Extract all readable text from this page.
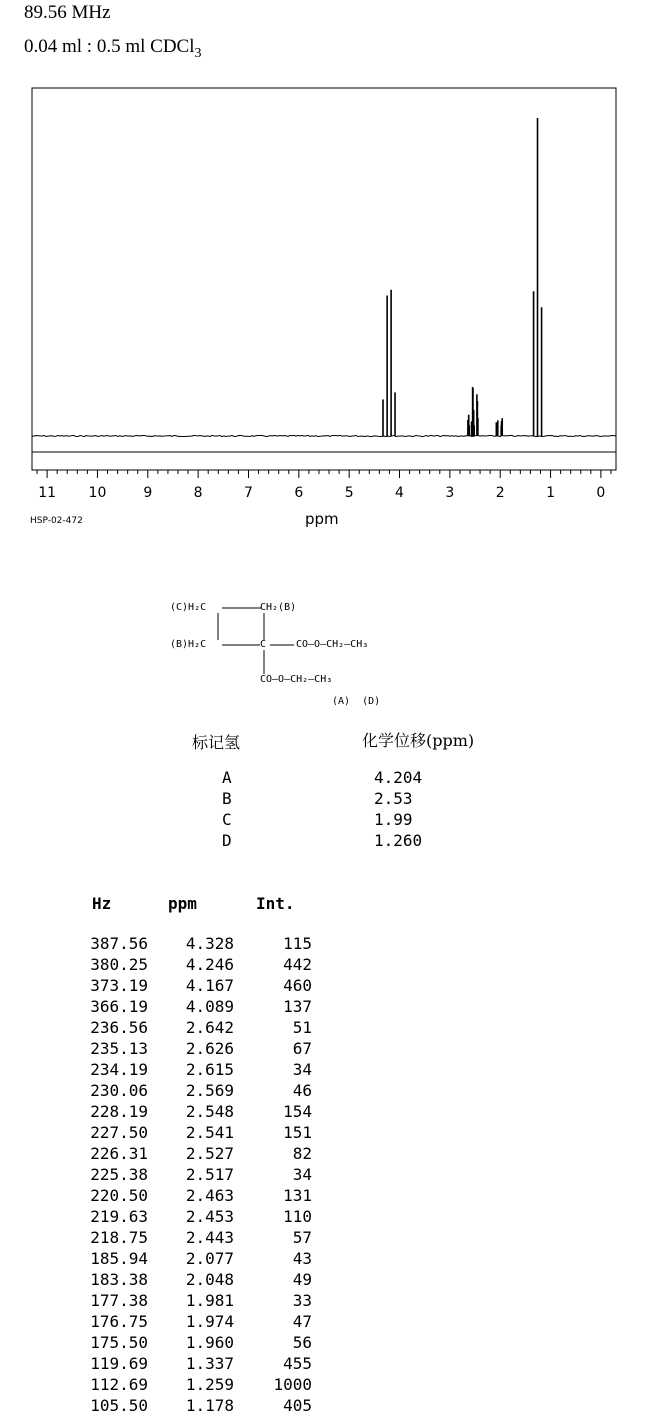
89.56 MHz
0.04 ml : 0.5 ml CDCl$_3$
11 10	9	8	7	6	5	4	3	2	1	0
HSP-02-472	ppm
(C)H₂C	CH₂(B)
(B)H₂C	C	CO—O—CH₂—CH₃
CO—O—CH₂—CH₃
(A)  (D)
标记氢	化学位移(ppm)
A	4.204
B	2.53
C	1.99
D	1.260
Hz	ppm	Int.
387.56	4.328	115
380.25	4.246	442
373.19	4.167	460
366.19	4.089	137
236.56	2.642	51
235.13	2.626	67
234.19	2.615	34
230.06	2.569	46
228.19	2.548	154
227.50	2.541	151
226.31	2.527	82
225.38	2.517	34
220.50	2.463	131
219.63	2.453	110
218.75	2.443	57
185.94	2.077	43
183.38	2.048	49
177.38	1.981	33
176.75	1.974	47
175.50	1.960	56
119.69	1.337	455
112.69	1.259	1000
105.50	1.178	405
